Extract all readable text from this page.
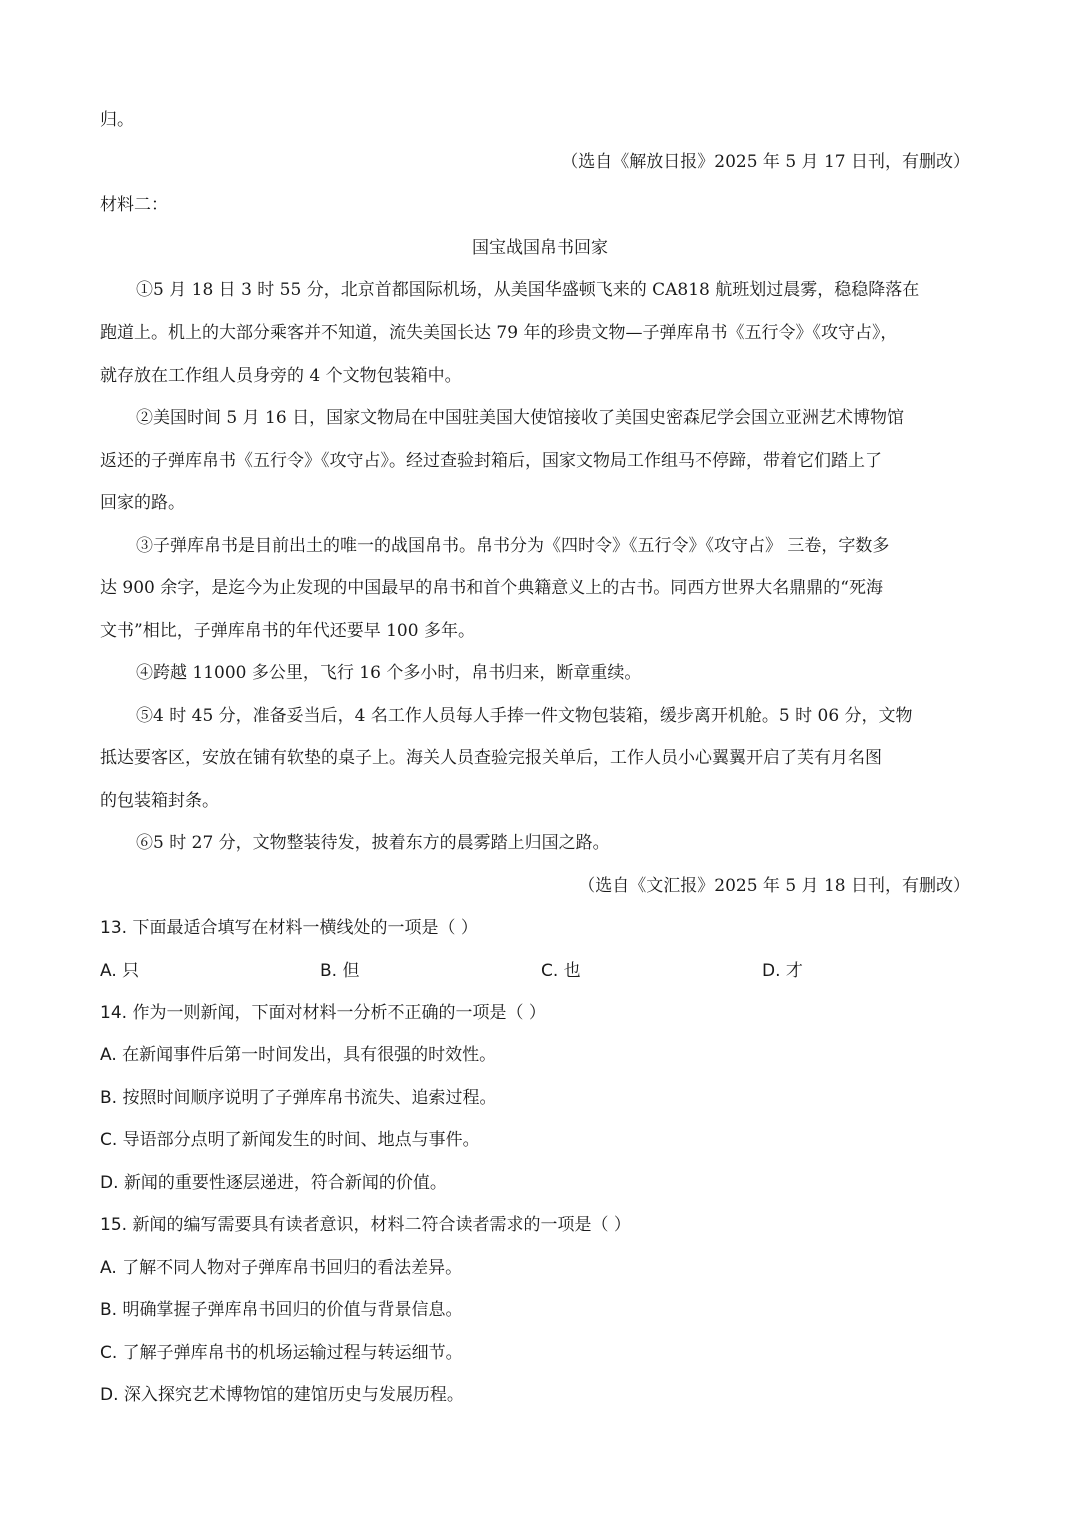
归。
（选自《解放日报》2025 年 5 月 17 日刊，有删改）
材料二：
国宝战国帛书回家
①5 月 18 日 3 时 55 分，北京首都国际机场，从美国华盛顿飞来的 CA818 航班划过晨雾，稳稳降落在
跑道上。机上的大部分乘客并不知道，流失美国长达 79 年的珍贵文物—子弹库帛书《五行令》《攻守占》，
就存放在工作组人员身旁的 4 个文物包装箱中。
②美国时间 5 月 16 日，国家文物局在中国驻美国大使馆接收了美国史密森尼学会国立亚洲艺术博物馆
返还的子弹库帛书《五行令》《攻守占》。经过查验封箱后，国家文物局工作组马不停蹄，带着它们踏上了
回家的路。
③子弹库帛书是目前出土的唯一的战国帛书。帛书分为《四时令》《五行令》《攻守占》 三卷，字数多
达 900 余字，是迄今为止发现的中国最早的帛书和首个典籍意义上的古书。同西方世界大名鼎鼎的“死海
文书”相比，子弹库帛书的年代还要早 100 多年。
④跨越 11000 多公里，飞行 16 个多小时，帛书归来，断章重续。
⑤4 时 45 分，准备妥当后，4 名工作人员每人手捧一件文物包装箱，缓步离开机舱。5 时 06 分，文物
抵达要客区，安放在铺有软垫的桌子上。海关人员查验完报关单后，工作人员小心翼翼开启了芙有月名图
的包装箱封条。
⑥5 时 27 分，文物整装待发，披着东方的晨雾踏上归国之路。
（选自《文汇报》2025 年 5 月 18 日刊，有删改）
13. 下面最适合填写在材料一横线处的一项是（ ）
A. 只	B. 但	C. 也	D. 才
14. 作为一则新闻，下面对材料一分析不正确的一项是（ ）
A. 在新闻事件后第一时间发出，具有很强的时效性。
B. 按照时间顺序说明了子弹库帛书流失、追索过程。
C. 导语部分点明了新闻发生的时间、地点与事件。
D. 新闻的重要性逐层递进，符合新闻的价值。
15. 新闻的编写需要具有读者意识，材料二符合读者需求的一项是（ ）
A. 了解不同人物对子弹库帛书回归的看法差异。
B. 明确掌握子弹库帛书回归的价值与背景信息。
C. 了解子弹库帛书的机场运输过程与转运细节。
D. 深入探究艺术博物馆的建馆历史与发展历程。
